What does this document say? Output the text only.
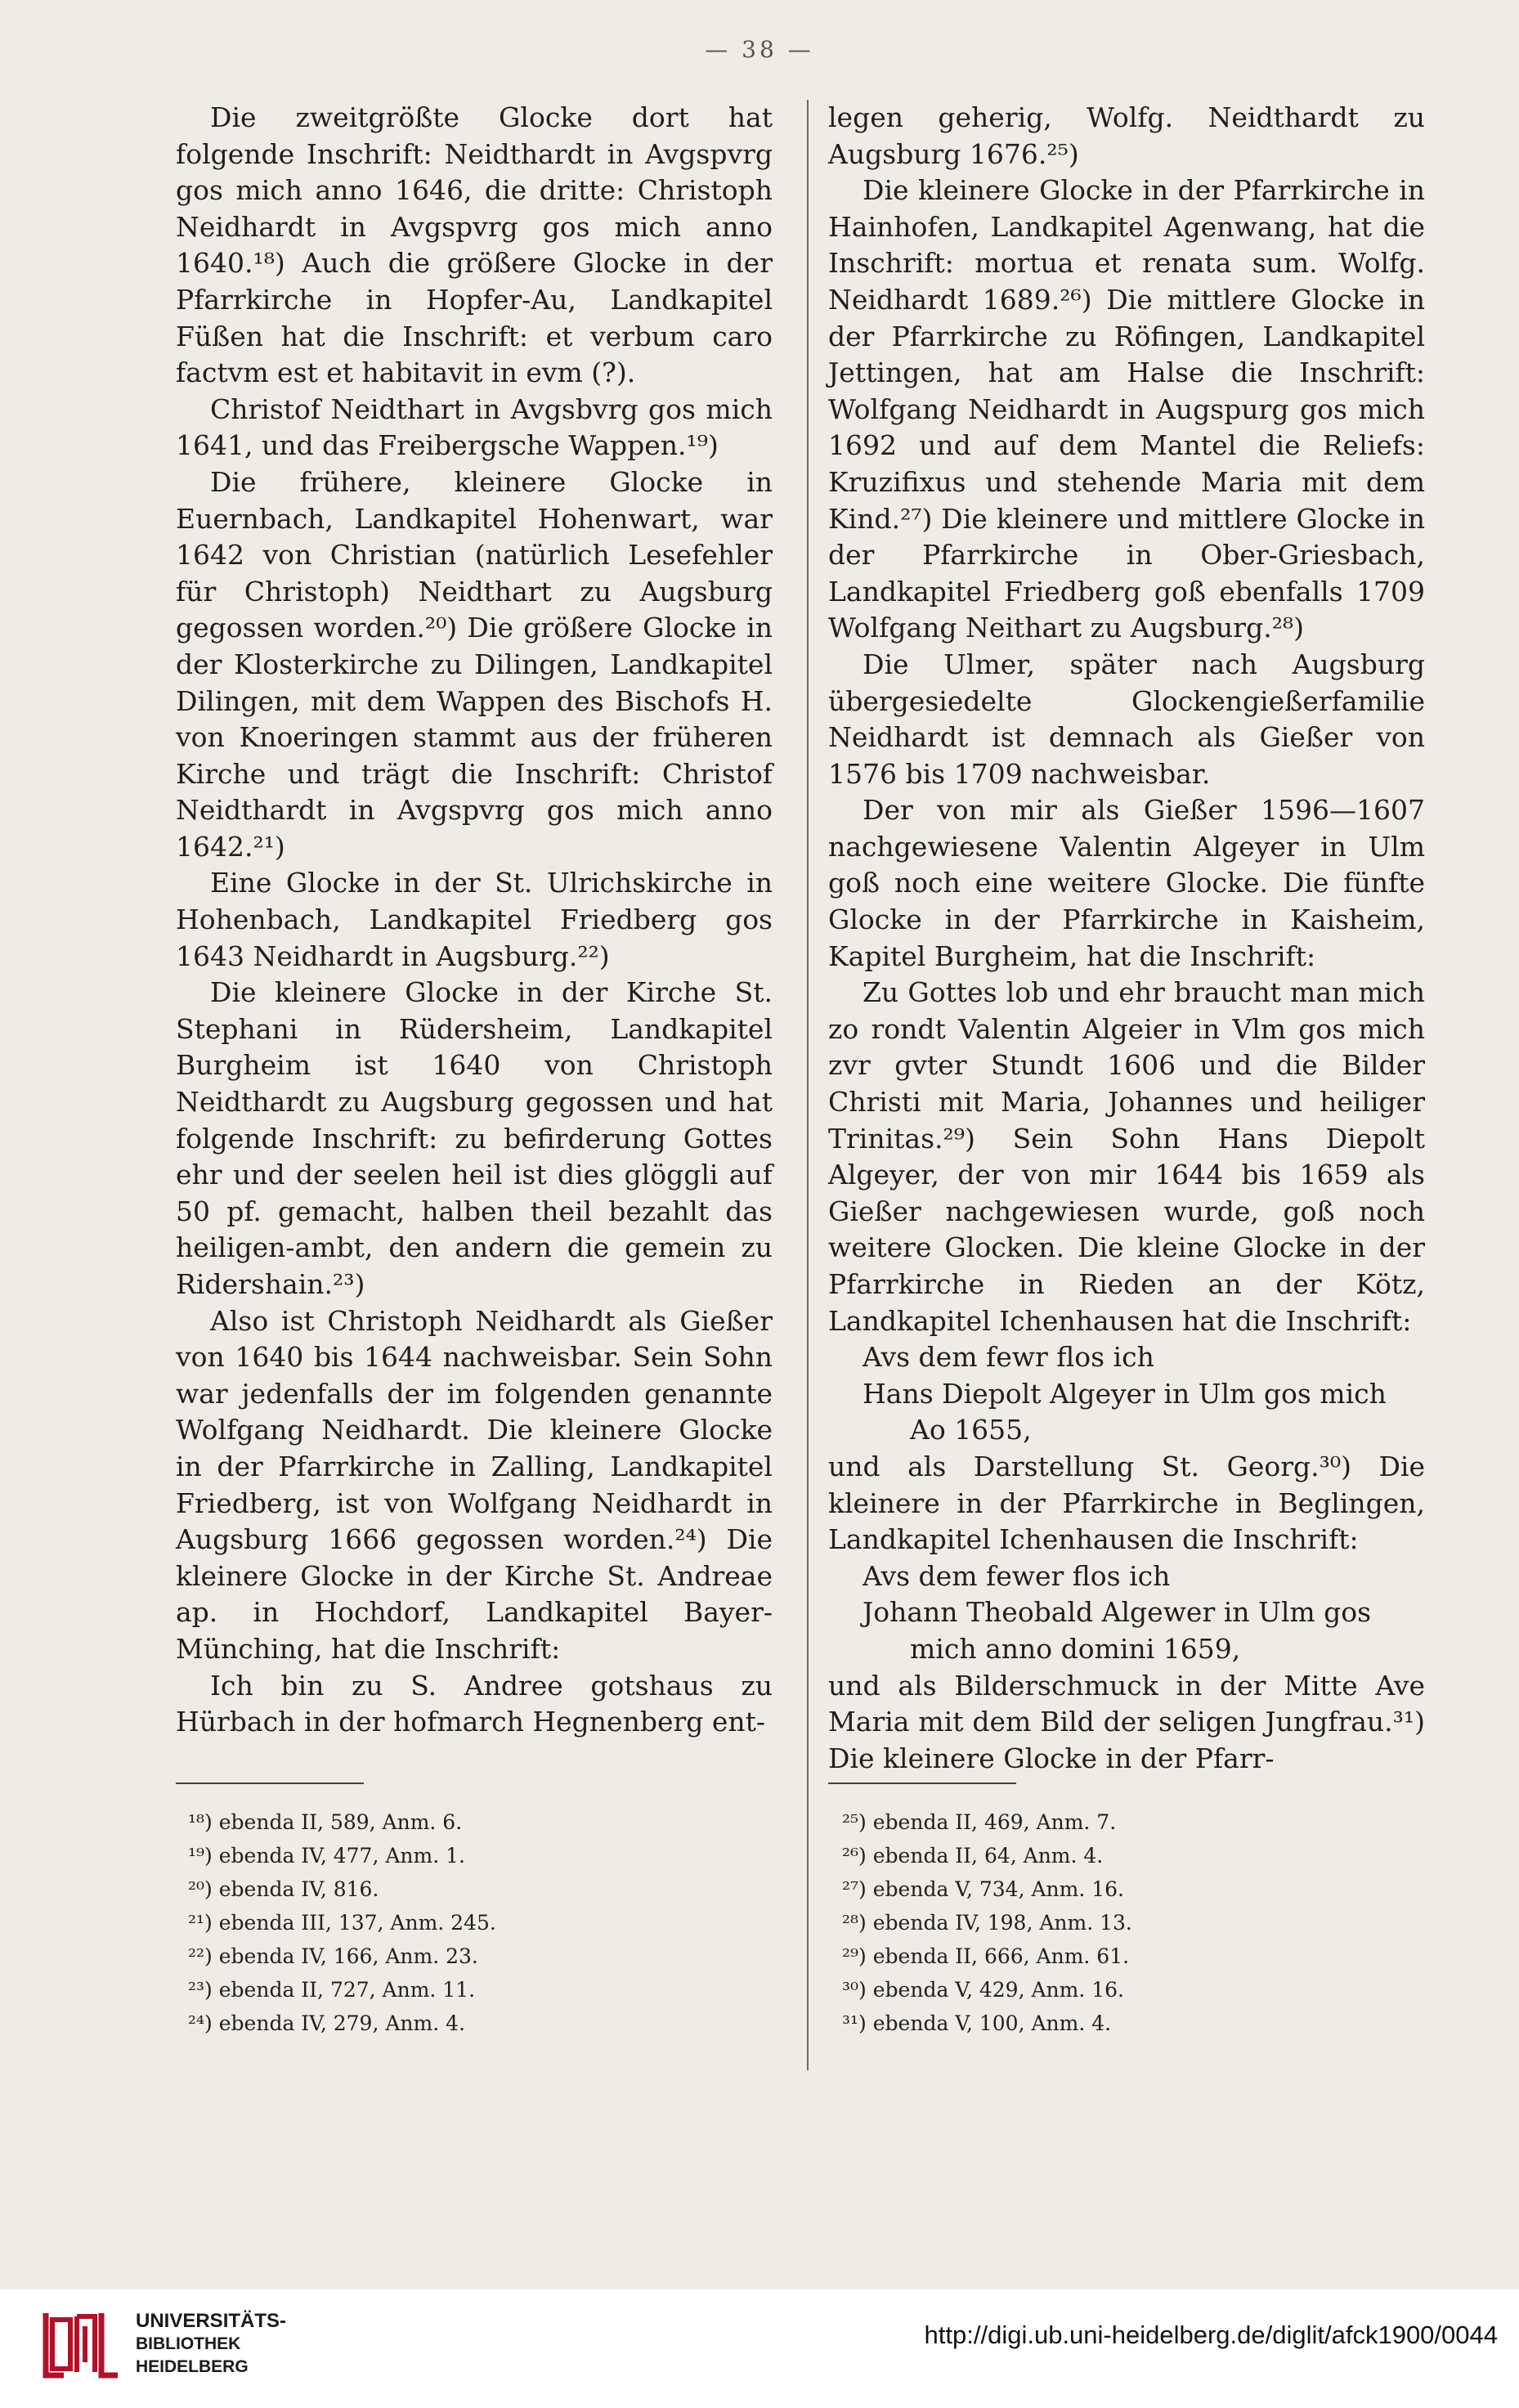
— 38 —

Die zweitgrößte Glocke dort hat folgende Inschrift: Neidthardt in Avgspvrg gos mich anno 1646, die dritte: Christoph Neidhardt in Avgspvrg gos mich anno 1640.¹⁸) Auch die größere Glocke in der Pfarrkirche in Hopfer-Au, Landkapitel Füßen hat die Inschrift: et verbum caro factvm est et habitavit in evm (?).

Christof Neidthart in Avgsbvrg gos mich 1641, und das Freibergsche Wappen.¹⁹)

Die frühere, kleinere Glocke in Euernbach, Landkapitel Hohenwart, war 1642 von Christian (natürlich Lesefehler für Christoph) Neidthart zu Augsburg gegossen worden.²⁰) Die größere Glocke in der Klosterkirche zu Dilingen, Landkapitel Dilingen, mit dem Wappen des Bischofs H. von Knoeringen stammt aus der früheren Kirche und trägt die Inschrift: Christof Neidthardt in Avgspvrg gos mich anno 1642.²¹)

Eine Glocke in der St. Ulrichskirche in Hohenbach, Landkapitel Friedberg gos 1643 Neidhardt in Augsburg.²²)

Die kleinere Glocke in der Kirche St. Stephani in Rüdersheim, Landkapitel Burgheim ist 1640 von Christoph Neidthardt zu Augsburg gegossen und hat folgende Inschrift: zu befirderung Gottes ehr und der seelen heil ist dies glöggli auf 50 pf. gemacht, halben theil bezahlt das heiligen-ambt, den andern die gemein zu Ridershain.²³)

Also ist Christoph Neidhardt als Gießer von 1640 bis 1644 nachweisbar. Sein Sohn war jedenfalls der im folgenden genannte Wolfgang Neidhardt. Die kleinere Glocke in der Pfarrkirche in Zalling, Landkapitel Friedberg, ist von Wolfgang Neidhardt in Augsburg 1666 gegossen worden.²⁴) Die kleinere Glocke in der Kirche St. Andreae ap. in Hochdorf, Landkapitel Bayer-Münching, hat die Inschrift:

Ich bin zu S. Andree gotshaus zu Hürbach in der hofmarch Hegnenberg ent-

legen geherig, Wolfg. Neidthardt zu Augsburg 1676.²⁵)

Die kleinere Glocke in der Pfarrkirche in Hainhofen, Landkapitel Agenwang, hat die Inschrift: mortua et renata sum. Wolfg. Neidhardt 1689.²⁶) Die mittlere Glocke in der Pfarrkirche zu Röfingen, Landkapitel Jettingen, hat am Halse die Inschrift: Wolfgang Neidhardt in Augspurg gos mich 1692 und auf dem Mantel die Reliefs: Kruzifixus und stehende Maria mit dem Kind.²⁷) Die kleinere und mittlere Glocke in der Pfarrkirche in Ober-Griesbach, Landkapitel Friedberg goß ebenfalls 1709 Wolfgang Neithart zu Augsburg.²⁸)

Die Ulmer, später nach Augsburg übergesiedelte Glockengießerfamilie Neidhardt ist demnach als Gießer von 1576 bis 1709 nachweisbar.

Der von mir als Gießer 1596—1607 nachgewiesene Valentin Algeyer in Ulm goß noch eine weitere Glocke. Die fünfte Glocke in der Pfarrkirche in Kaisheim, Kapitel Burgheim, hat die Inschrift:

Zu Gottes lob und ehr braucht man mich zo rondt Valentin Algeier in Vlm gos mich zvr gvter Stundt 1606 und die Bilder Christi mit Maria, Johannes und heiliger Trinitas.²⁹) Sein Sohn Hans Diepolt Algeyer, der von mir 1644 bis 1659 als Gießer nachgewiesen wurde, goß noch weitere Glocken. Die kleine Glocke in der Pfarrkirche in Rieden an der Kötz, Landkapitel Ichenhausen hat die Inschrift:

Avs dem fewr flos ich

Hans Diepolt Algeyer in Ulm gos mich

Ao 1655,

und als Darstellung St. Georg.³⁰) Die kleinere in der Pfarrkirche in Beglingen, Landkapitel Ichenhausen die Inschrift:

Avs dem fewer flos ich

Johann Theobald Algewer in Ulm gos

mich anno domini 1659,

und als Bilderschmuck in der Mitte Ave Maria mit dem Bild der seligen Jungfrau.³¹) Die kleinere Glocke in der Pfarr-

¹⁸) ebenda II, 589, Anm. 6.
¹⁹) ebenda IV, 477, Anm. 1.
²⁰) ebenda IV, 816.
²¹) ebenda III, 137, Anm. 245.
²²) ebenda IV, 166, Anm. 23.
²³) ebenda II, 727, Anm. 11.
²⁴) ebenda IV, 279, Anm. 4.
²⁵) ebenda II, 469, Anm. 7.
²⁶) ebenda II, 64, Anm. 4.
²⁷) ebenda V, 734, Anm. 16.
²⁸) ebenda IV, 198, Anm. 13.
²⁹) ebenda II, 666, Anm. 61.
³⁰) ebenda V, 429, Anm. 16.
³¹) ebenda V, 100, Anm. 4.
UNIVERSITÄTS-
BIBLIOTHEK
HEIDELBERG
http://digi.ub.uni-heidelberg.de/diglit/afck1900/0044
